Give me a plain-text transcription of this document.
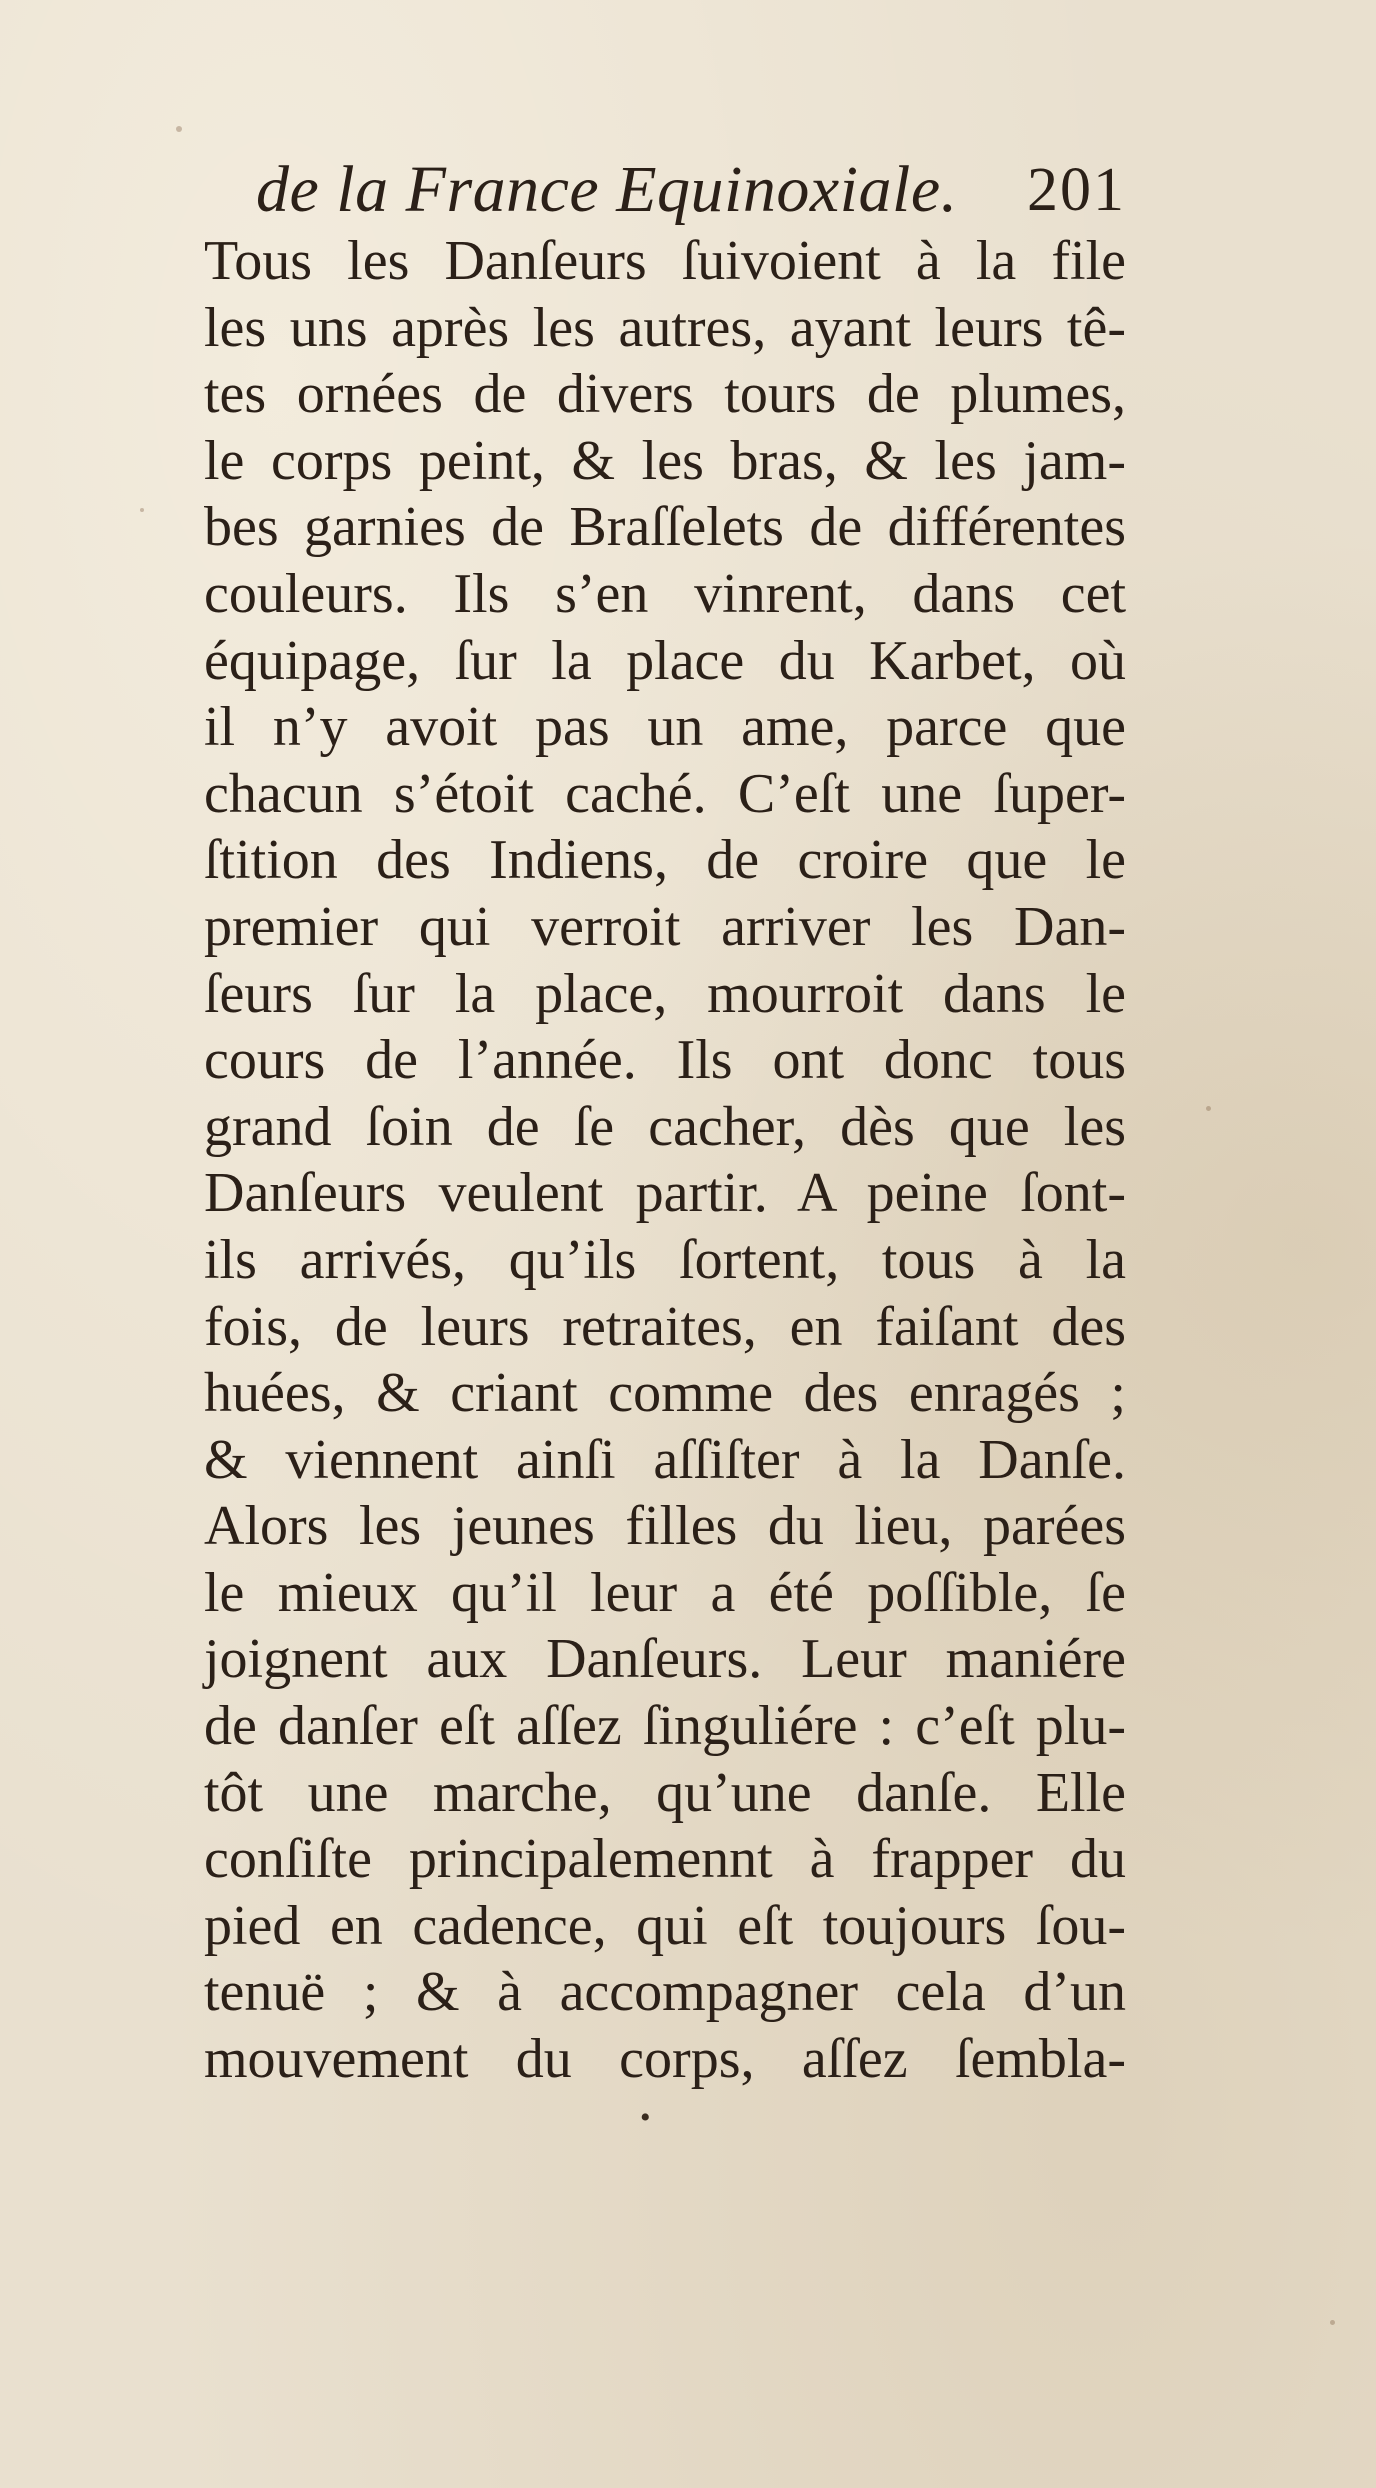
de la France Equinoxiale. 201
Tous les Danſeurs ſuivoient à la file
les uns après les autres, ayant leurs tê-
tes ornées de divers tours de plumes,
le corps peint, & les bras, & les jam-
bes garnies de Braſſelets de différentes
couleurs. Ils s’en vinrent, dans cet
équipage, ſur la place du Karbet, où
il n’y avoit pas un ame, parce que
chacun s’étoit caché. C’eſt une ſuper-
ſtition des Indiens, de croire que le
premier qui verroit arriver les Dan-
ſeurs ſur la place, mourroit dans le
cours de l’année. Ils ont donc tous
grand ſoin de ſe cacher, dès que les
Danſeurs veulent partir. A peine ſont-
ils arrivés, qu’ils ſortent, tous à la
fois, de leurs retraites, en faiſant des
huées, & criant comme des enragés ;
& viennent ainſi aſſiſter à la Danſe.
Alors les jeunes filles du lieu, parées
le mieux qu’il leur a été poſſible, ſe
joignent aux Danſeurs. Leur maniére
de danſer eſt aſſez ſinguliére : c’eſt plu-
tôt une marche, qu’une danſe. Elle
conſiſte principalemennt à frapper du
pied en cadence, qui eſt toujours ſou-
tenuë ; & à accompagner cela d’un
mouvement du corps, aſſez ſembla-
•
